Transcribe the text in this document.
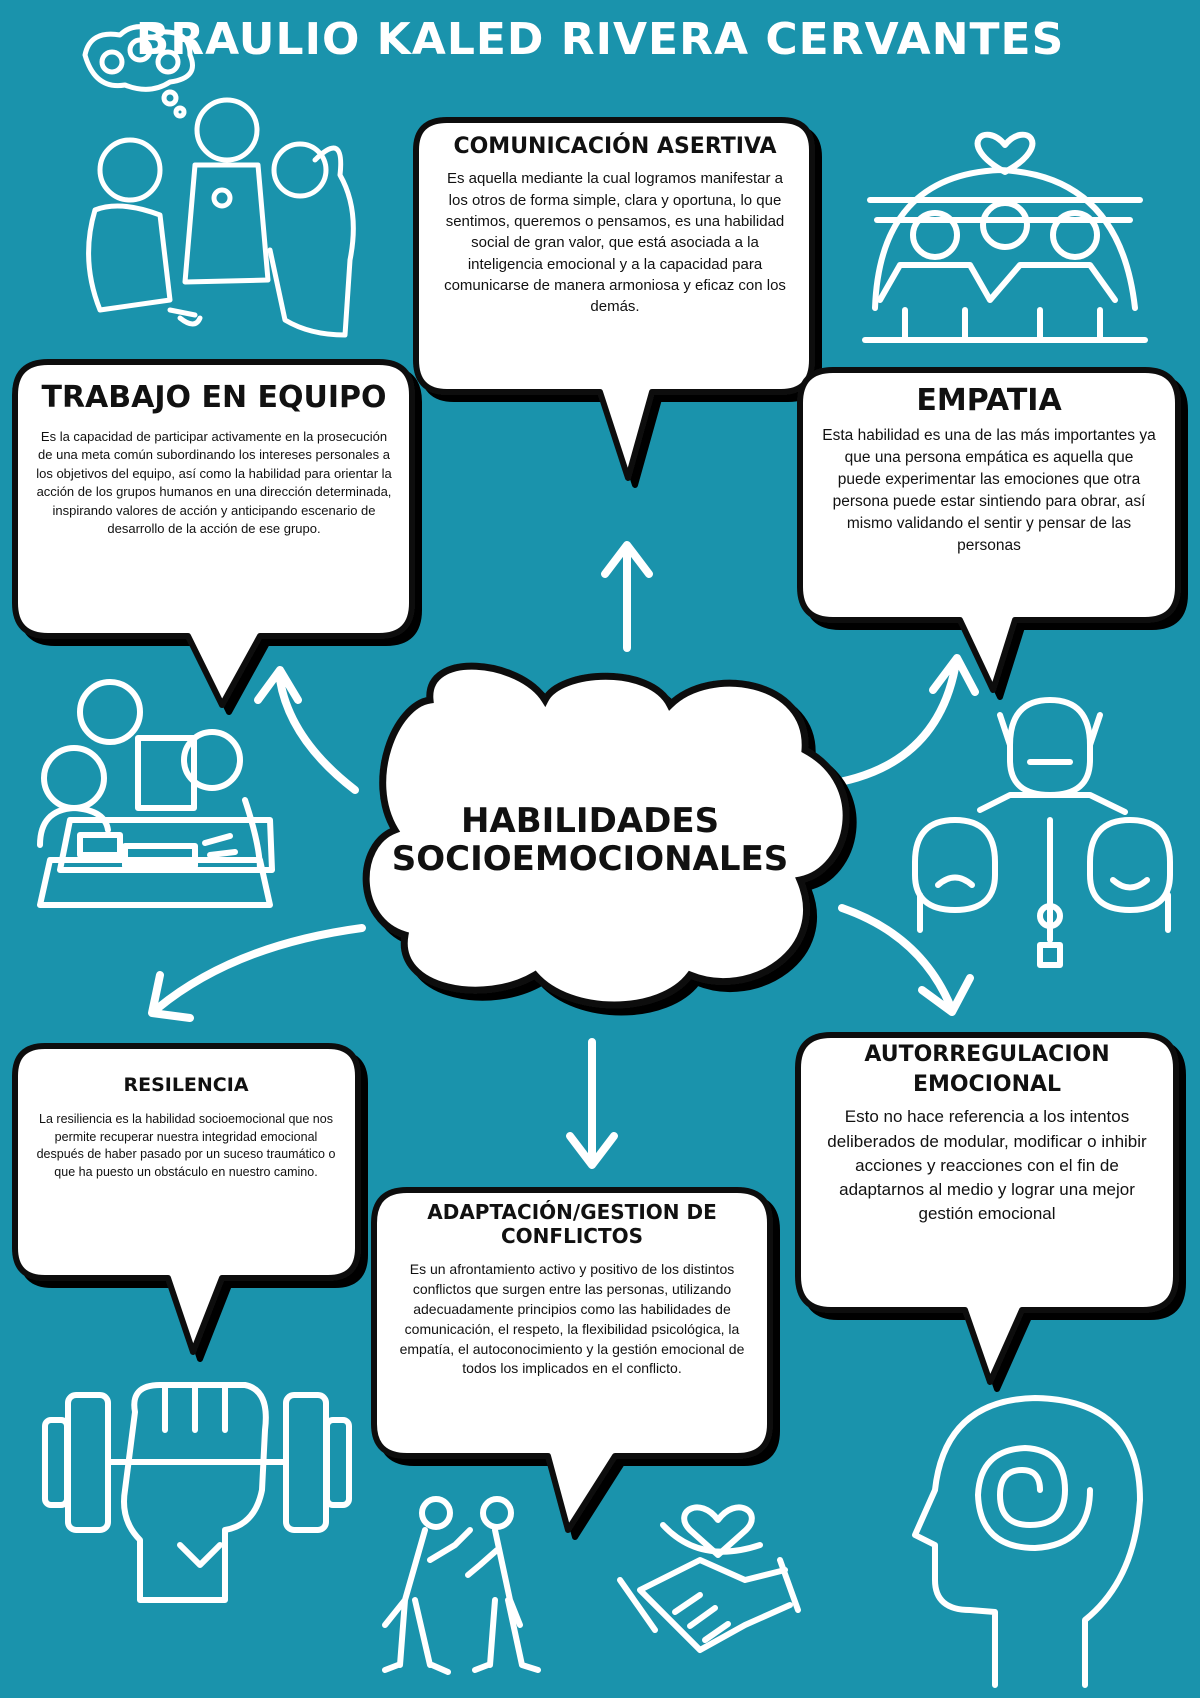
BRAULIO KALED RIVERA CERVANTES
HABILIDADES
SOCIOEMOCIONALES
COMUNICACIÓN ASERTIVA
Es aquella mediante la cual logramos manifestar a los otros de forma simple, clara y oportuna, lo que sentimos, queremos o pensamos, es una habilidad social de gran valor, que está asociada a la inteligencia emocional y a la capacidad para comunicarse de manera armoniosa y eficaz con los demás.
TRABAJO EN EQUIPO
Es la capacidad de participar activamente en la prosecución de una meta común subordinando los intereses personales a los objetivos del equipo, así como la habilidad para orientar la acción de los grupos humanos en una dirección determinada, inspirando valores de acción y anticipando escenario de desarrollo de la acción de ese grupo.
EMPATIA
Esta habilidad es una de las más importantes ya que una persona empática es aquella que puede experimentar las emociones que otra persona puede estar sintiendo para obrar, así mismo validando el sentir y pensar de las personas
RESILENCIA
La resiliencia es la habilidad socioemocional que nos permite recuperar nuestra integridad emocional después de haber pasado por un suceso traumático o que ha puesto un obstáculo en nuestro camino.
ADAPTACIÓN/GESTION DE
CONFLICTOS
Es un afrontamiento activo y positivo de los distintos conflictos que surgen entre las personas, utilizando adecuadamente principios como las habilidades de comunicación, el respeto, la flexibilidad psicológica, la empatía, el autoconocimiento y la gestión emocional de todos los implicados en el conflicto.
AUTORREGULACION
EMOCIONAL
Esto no hace referencia a los intentos deliberados de modular, modificar o inhibir acciones y reacciones con el fin de adaptarnos al medio y lograr una mejor gestión emocional
